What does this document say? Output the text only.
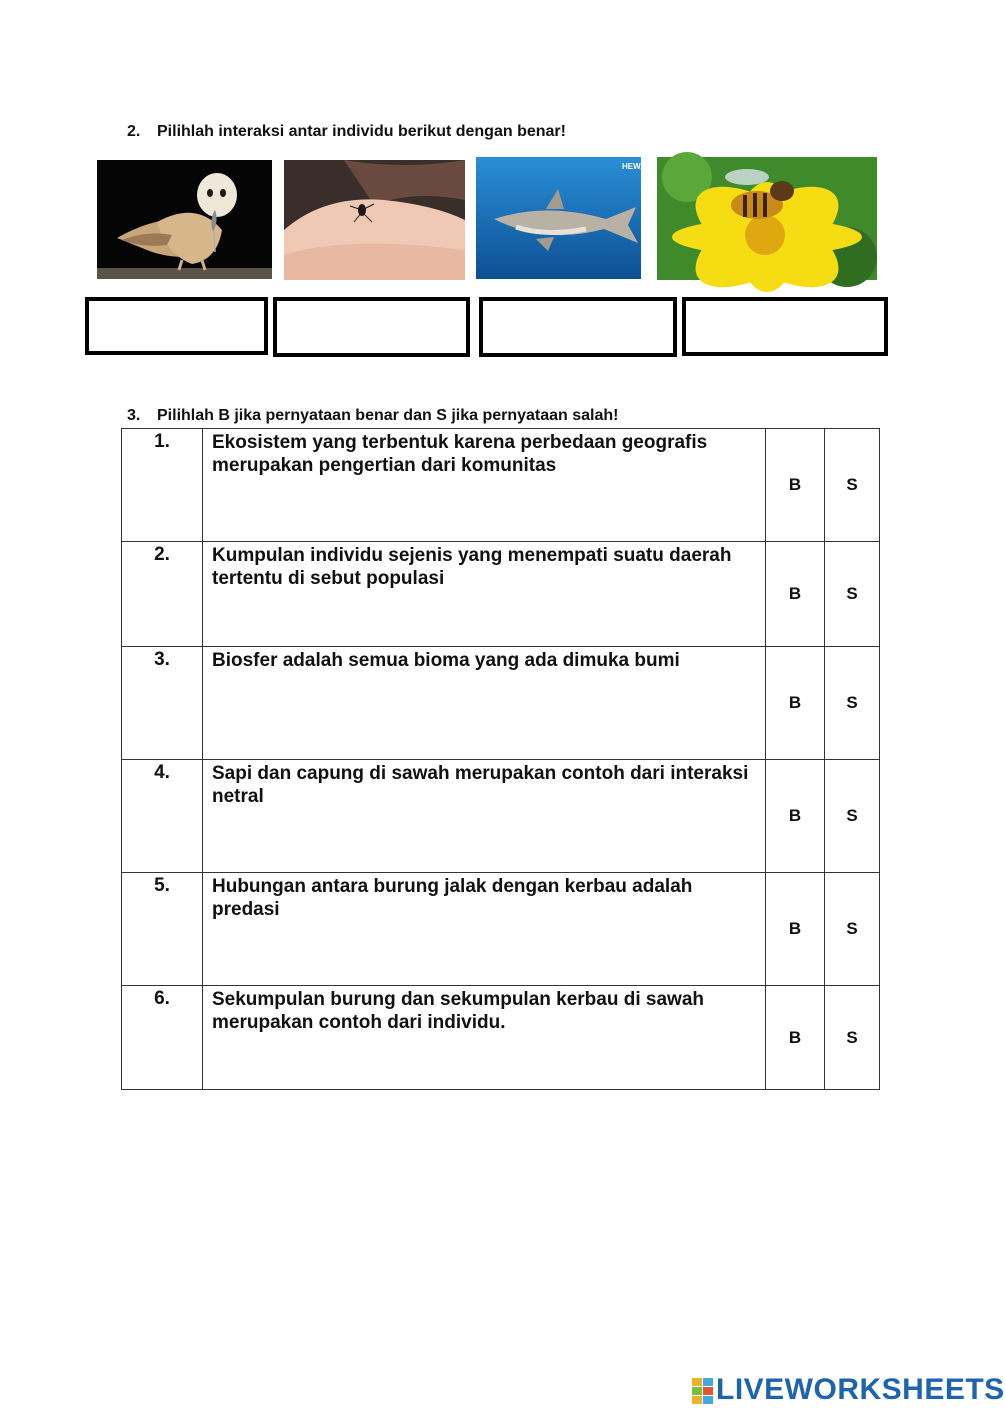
2. Pilihlah interaksi antar individu berikut dengan benar!
HEWA
3. Pilihlah B jika pernyataan benar dan S jika pernyataan salah!
1.	Ekosistem yang terbentuk karena perbedaan geografis merupakan pengertian dari komunitas	B	S
2.	Kumpulan individu sejenis yang menempati suatu daerah tertentu di sebut populasi	B	S
3.	Biosfer adalah semua bioma yang ada dimuka bumi	B	S
4.	Sapi dan capung di sawah merupakan contoh dari interaksi netral	B	S
5.	Hubungan antara burung jalak dengan kerbau adalah predasi	B	S
6.	Sekumpulan burung dan sekumpulan kerbau di sawah merupakan contoh dari individu.	B	S
LIVEWORKSHEETS
